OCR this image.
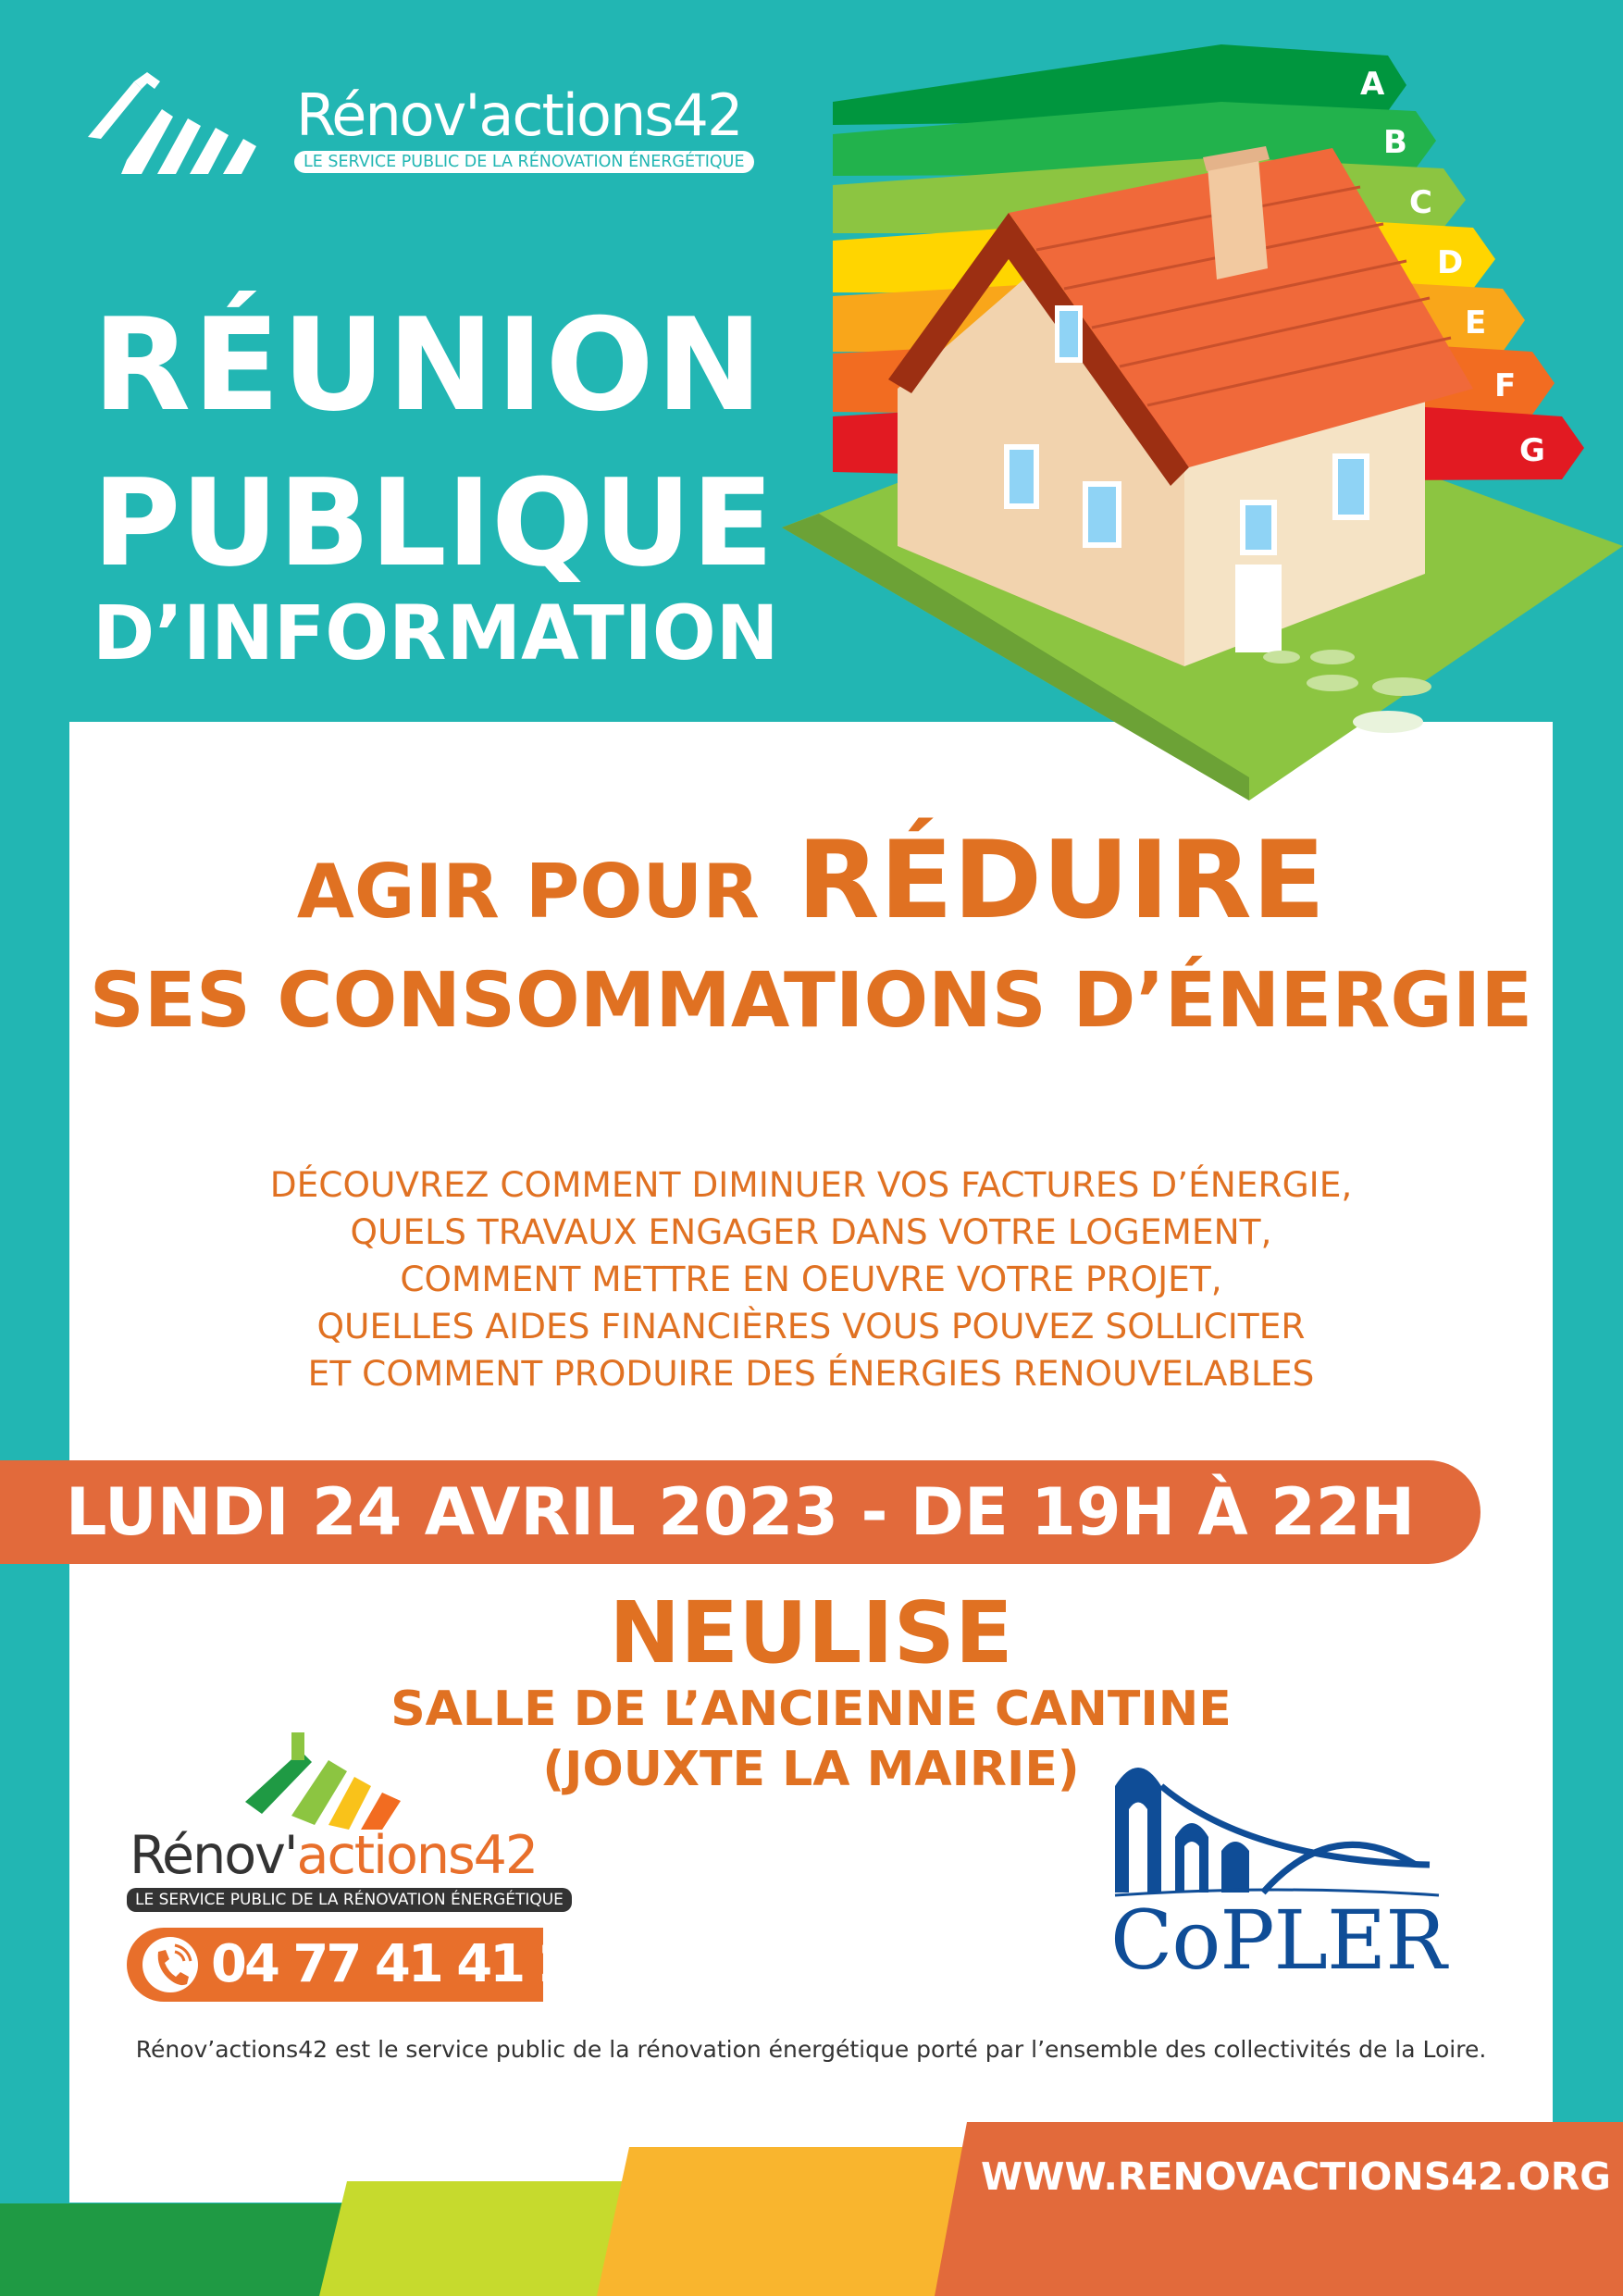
Rénov'actions42
LE SERVICE PUBLIC DE LA RÉNOVATION ÉNERGÉTIQUE
RÉUNION
PUBLIQUE
D’INFORMATION
A
B
C
D
E
F
G
AGIR POUR RÉDUIRE
SES CONSOMMATIONS D’ÉNERGIE
DÉCOUVREZ COMMENT DIMINUER VOS FACTURES D’ÉNERGIE,
QUELS TRAVAUX ENGAGER DANS VOTRE LOGEMENT,
COMMENT METTRE EN OEUVRE VOTRE PROJET,
QUELLES AIDES FINANCIÈRES VOUS POUVEZ SOLLICITER
ET COMMENT PRODUIRE DES ÉNERGIES RENOUVELABLES
LUNDI 24 AVRIL 2023 - DE 19H À 22H
NEULISE
SALLE DE L’ANCIENNE CANTINE
(JOUXTE LA MAIRIE)
Rénov'actions42
LE SERVICE PUBLIC DE LA RÉNOVATION ÉNERGÉTIQUE
04 77 41 41 25	CoPLER
Rénov’actions42 est le service public de la rénovation énergétique porté par l’ensemble des collectivités de la Loire.
WWW.RENOVACTIONS42.ORG
